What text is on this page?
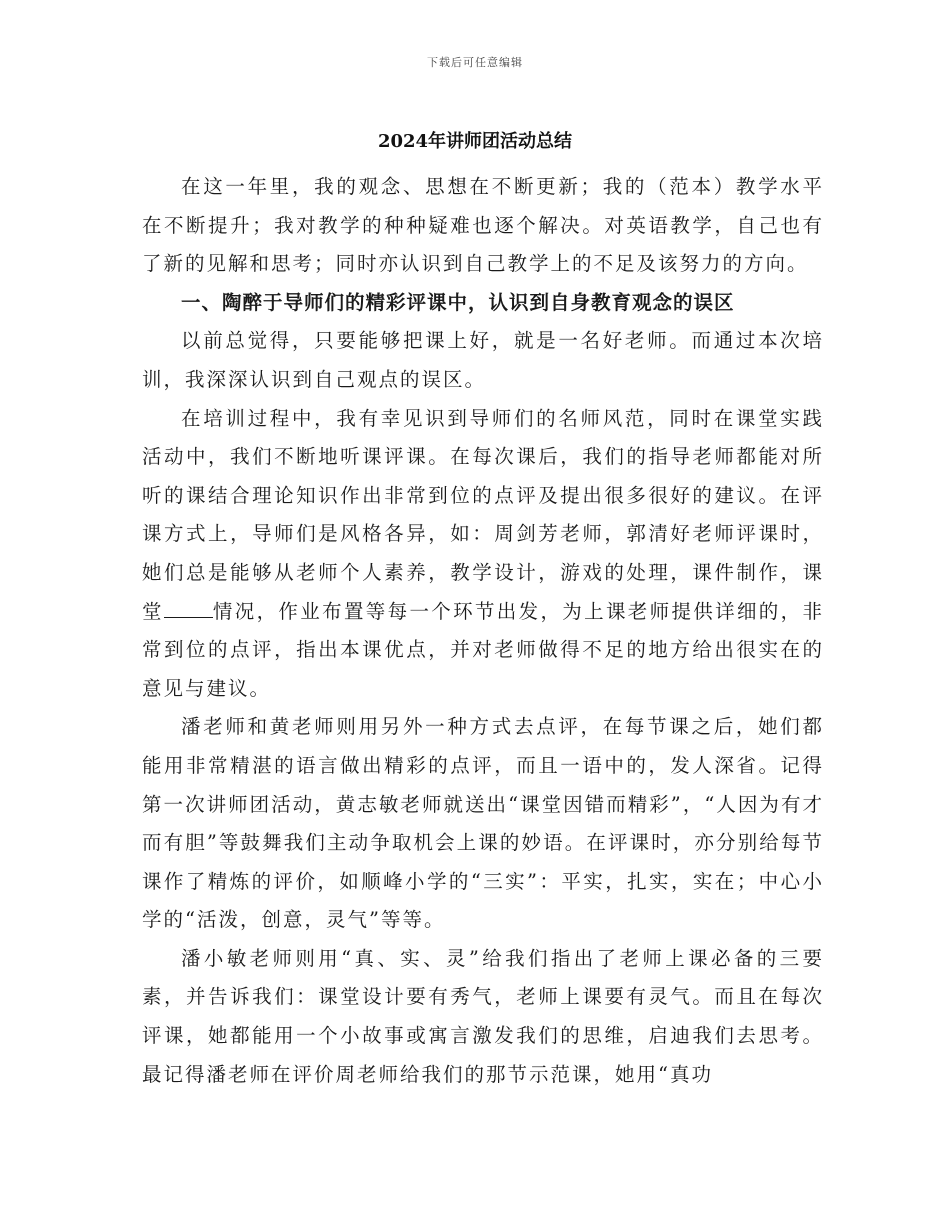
下载后可任意编辑
2024年讲师团活动总结

在这一年里，我的观念、思想在不断更新；我的（范本）教学水平在不断提升；我对教学的种种疑难也逐个解决。对英语教学，自己也有了新的见解和思考；同时亦认识到自己教学上的不足及该努力的方向。

一、陶醉于导师们的精彩评课中，认识到自身教育观念的误区

以前总觉得，只要能够把课上好，就是一名好老师。而通过本次培训，我深深认识到自己观点的误区。

在培训过程中，我有幸见识到导师们的名师风范，同时在课堂实践活动中，我们不断地听课评课。在每次课后，我们的指导老师都能对所听的课结合理论知识作出非常到位的点评及提出很多很好的建议。在评课方式上，导师们是风格各异，如：周剑芳老师，郭清好老师评课时，她们总是能够从老师个人素养，教学设计，游戏的处理，课件制作，课堂	情况，作业布置等每一个环节出发，为上课老师提供详细的，非常到位的点评，指出本课优点，并对老师做得不足的地方给出很实在的意见与建议。

潘老师和黄老师则用另外一种方式去点评，在每节课之后，她们都能用非常精湛的语言做出精彩的点评，而且一语中的，发人深省。记得第一次讲师团活动，黄志敏老师就送出“课堂因错而精彩”，“人因为有才而有胆”等鼓舞我们主动争取机会上课的妙语。在评课时，亦分别给每节课作了精炼的评价，如顺峰小学的“三实”：平实，扎实，实在；中心小学的“活泼，创意，灵气”等等。

潘小敏老师则用“真、实、灵”给我们指出了老师上课必备的三要素，并告诉我们：课堂设计要有秀气，老师上课要有灵气。而且在每次评课，她都能用一个小故事或寓言激发我们的思维，启迪我们去思考。最记得潘老师在评价周老师给我们的那节示范课，她用“真功
